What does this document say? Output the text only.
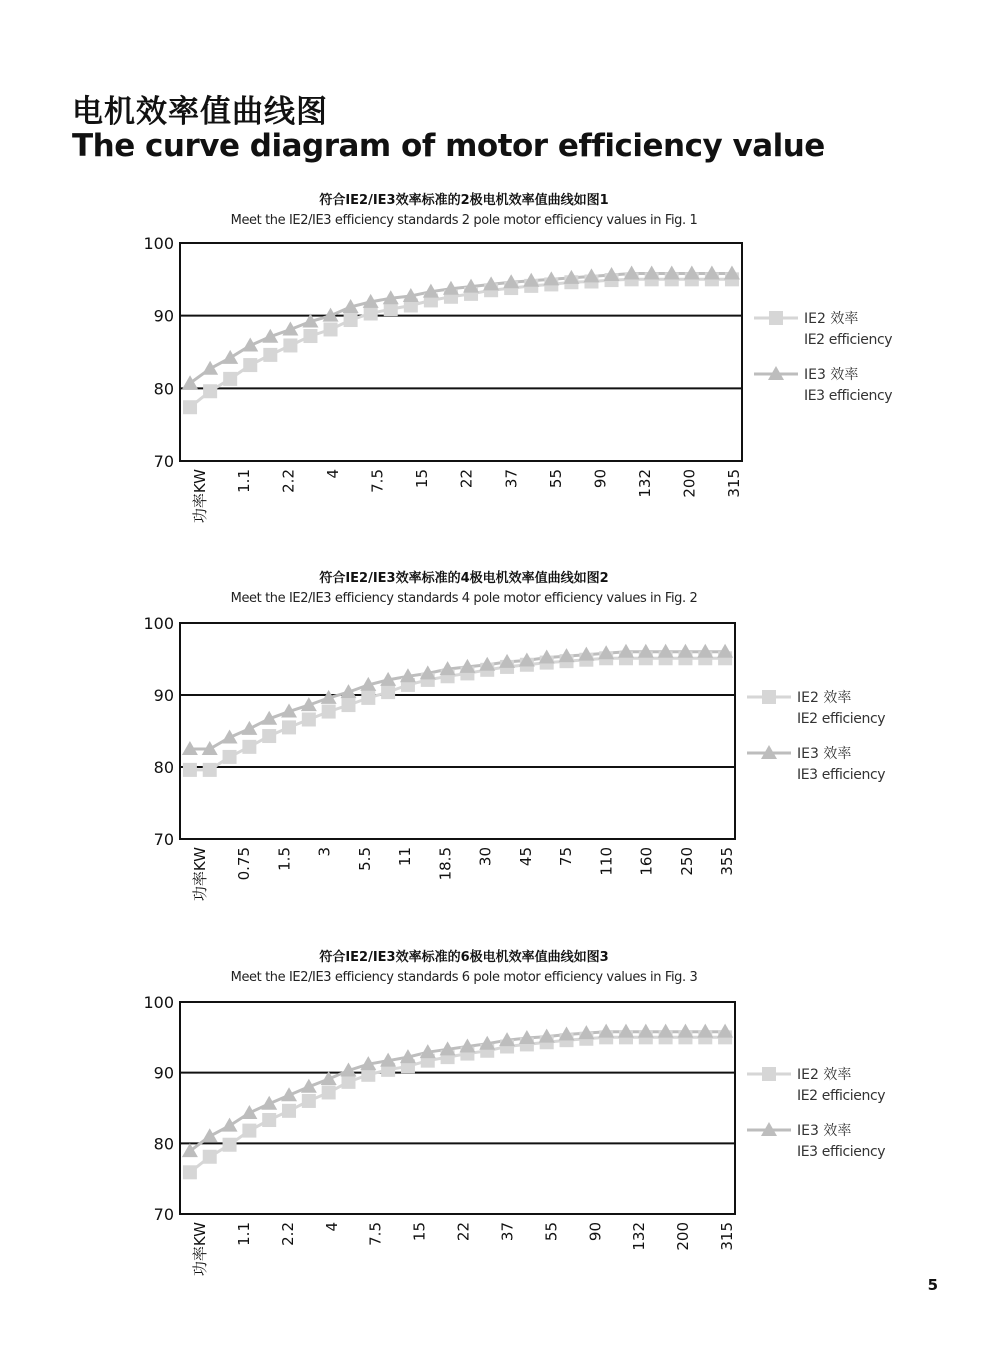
电机效率值曲线图
The curve diagram of motor efficiency value
符合IE2/IE3效率标准的2极电机效率值曲线如图1
Meet the IE2/IE3 efficiency standards 2 pole motor efficiency values in Fig. 1
70
80
90
100
1.1 2.2 4 7.5 15 22 37 55 90 132 200 315
功率KW
IE2 效率
IE2 efficiency
IE3 效率
IE3 efficiency
符合IE2/IE3效率标准的4极电机效率值曲线如图2
Meet the IE2/IE3 efficiency standards 4 pole motor efficiency values in Fig. 2
70
80
90
100
0.75 1.5 3 5.5 11 18.5 30 45 75 110 160 250 355
功率KW
IE2 效率
IE2 efficiency
IE3 效率
IE3 efficiency
符合IE2/IE3效率标准的6极电机效率值曲线如图3
Meet the IE2/IE3 efficiency standards 6 pole motor efficiency values in Fig. 3
70
80
90
100
1.1 2.2 4 7.5 15 22 37 55 90 132 200 315
功率KW
IE2 效率
IE2 efficiency
IE3 效率
IE3 efficiency
5
